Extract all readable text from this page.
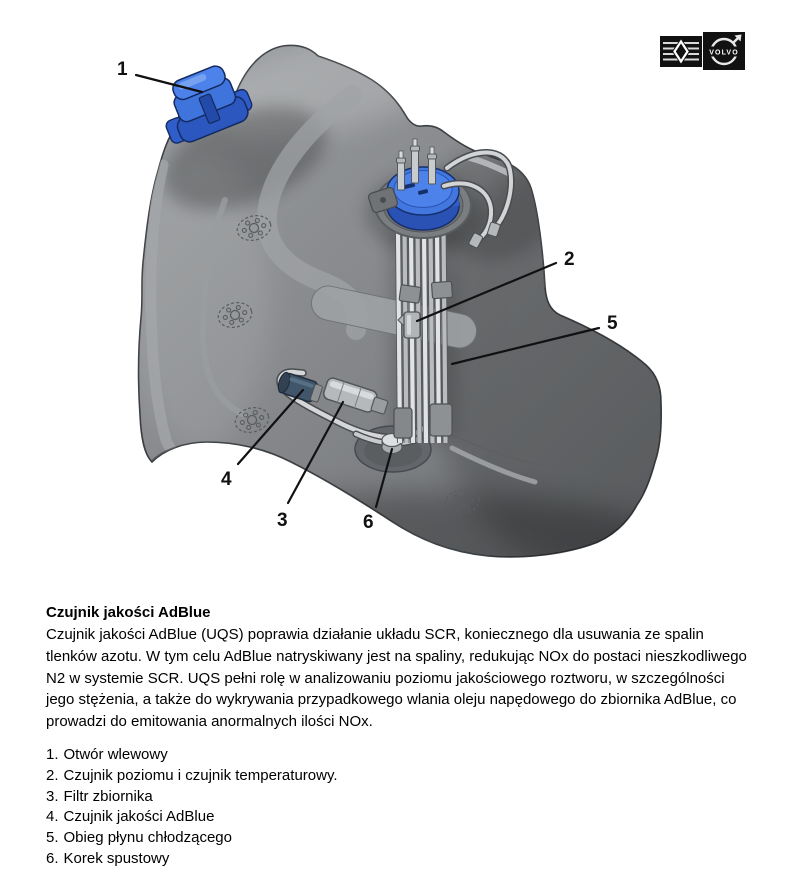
1
2
5
4
3	6
VOLVO
Czujnik jakości AdBlue

Czujnik jakości AdBlue (UQS) poprawia działanie układu SCR, koniecznego dla usuwania ze spalin tlenków azotu. W tym celu AdBlue natryskiwany jest na spaliny, redukując NOx do postaci nieszkodliwego N2 w systemie SCR. UQS pełni rolę w analizowaniu poziomu jakościowego roztworu, w szczególności jego stężenia, a także do wykrywania przypadkowego wlania oleju napędowego do zbiornika AdBlue, co prowadzi do emitowania anormalnych ilości NOx.

1. Otwór wlewowy
2. Czujnik poziomu i czujnik temperaturowy.
3. Filtr zbiornika
4. Czujnik jakości AdBlue
5. Obieg płynu chłodzącego
6. Korek spustowy
